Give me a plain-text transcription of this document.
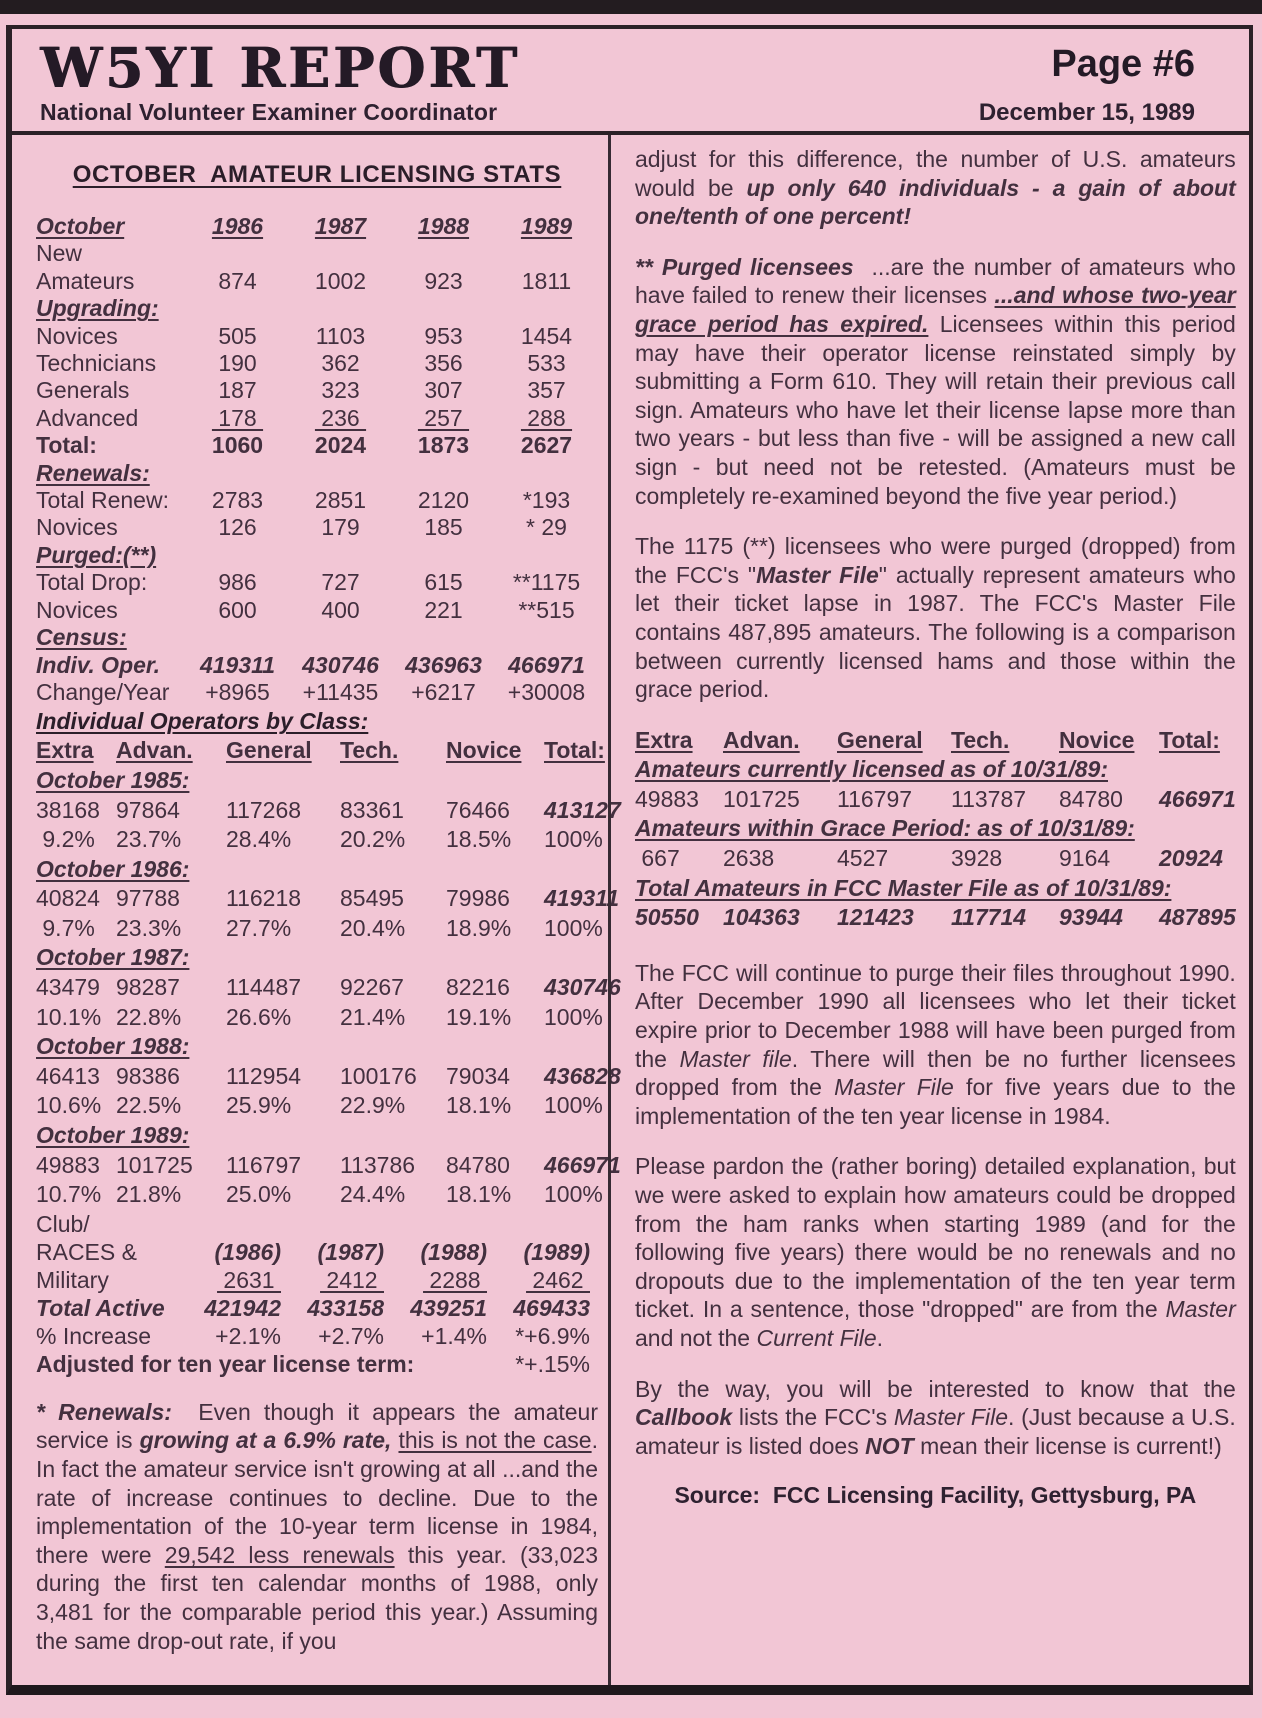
W5YI REPORT
National Volunteer Examiner Coordinator
Page #6
December 15, 1989
OCTOBER  AMATEUR LICENSING STATS
October	1986	1987	1988	1989
New
Amateurs	874	1002	923	1811
Upgrading:
Novices	505	1103	953	1454
Technicians	190	362	356	533
Generals	187	323	307	357
Advanced	178	236	257	288
Total:	1060	2024	1873	2627
Renewals:
Total Renew:	2783	2851	2120	*193
Novices	126	179	185	* 29
Purged:(**)
Total Drop:	986	727	615	**1175
Novices	600	400	221	**515
Census:
Indiv. Oper.	419311	430746	436963	466971
Change/Year	+8965	+11435	+6217	+30008
Individual Operators by Class:
Extra Advan.	General	Tech.	Novice Total:
October 1985:
38168 97864	117268	83361	76466	413127
9.2% 23.7%	28.4%	20.2%	18.5%	100%
October 1986:
40824 97788	116218	85495	79986	419311
9.7% 23.3%	27.7%	20.4%	18.9%	100%
October 1987:
43479 98287	114487	92267	82216	430746
10.1% 22.8%	26.6%	21.4%	19.1%	100%
October 1988:
46413 98386	112954	100176	79034	436828
10.6% 22.5%	25.9%	22.9%	18.1%	100%
October 1989:
49883 101725	116797	113786	84780	466971
10.7% 21.8%	25.0%	24.4%	18.1%	100%
Club/
RACES &	(1986)	(1987)	(1988)	(1989)
Military	2631	2412	2288	2462
Total Active	421942	433158	439251	469433
% Increase	+2.1%	+2.7%	+1.4%	*+6.9%
Adjusted for ten year license term:	*+.15%

* Renewals:  Even though it appears the amateur service is growing at a 6.9% rate, this is not the case. In fact the amateur service isn't growing at all ...and the rate of increase continues to decline. Due to the implementation of the 10-year term license in 1984, there were 29,542 less renewals this year. (33,023 during the first ten calendar months of 1988, only 3,481 for the comparable period this year.) Assuming the same drop-out rate, if you

adjust for this difference, the number of U.S. amateurs would be up only 640 individuals - a gain of about one/tenth of one percent!

** Purged licensees  ...are the number of amateurs who have failed to renew their licenses ...and whose two-year grace period has expired. Licensees within this period may have their operator license reinstated simply by submitting a Form 610. They will retain their previous call sign. Amateurs who have let their license lapse more than two years - but less than five - will be assigned a new call sign - but need not be retested. (Amateurs must be completely re-examined beyond the five year period.)

The 1175 (**) licensees who were purged (dropped) from the FCC's "Master File" actually represent amateurs who let their ticket lapse in 1987. The FCC's Master File contains 487,895 amateurs. The following is a comparison between currently licensed hams and those within the grace period.

Extra	Advan.	General	Tech.	Novice	Total:
Amateurs currently licensed as of 10/31/89:
49883	101725	116797	113787	84780	466971
Amateurs within Grace Period: as of 10/31/89:
667	2638	4527	3928	9164	20924
Total Amateurs in FCC Master File as of 10/31/89:
50550	104363	121423	117714	93944	487895

The FCC will continue to purge their files throughout 1990. After December 1990 all licensees who let their ticket expire prior to December 1988 will have been purged from the Master file. There will then be no further licensees dropped from the Master File for five years due to the implementation of the ten year license in 1984.

Please pardon the (rather boring) detailed explanation, but we were asked to explain how amateurs could be dropped from the ham ranks when starting 1989 (and for the following five years) there would be no renewals and no dropouts due to the implementation of the ten year term ticket. In a sentence, those "dropped" are from the Master and not the Current File.

By the way, you will be interested to know that the Callbook lists the FCC's Master File. (Just because a U.S. amateur is listed does NOT mean their license is current!)

Source:  FCC Licensing Facility, Gettysburg, PA
